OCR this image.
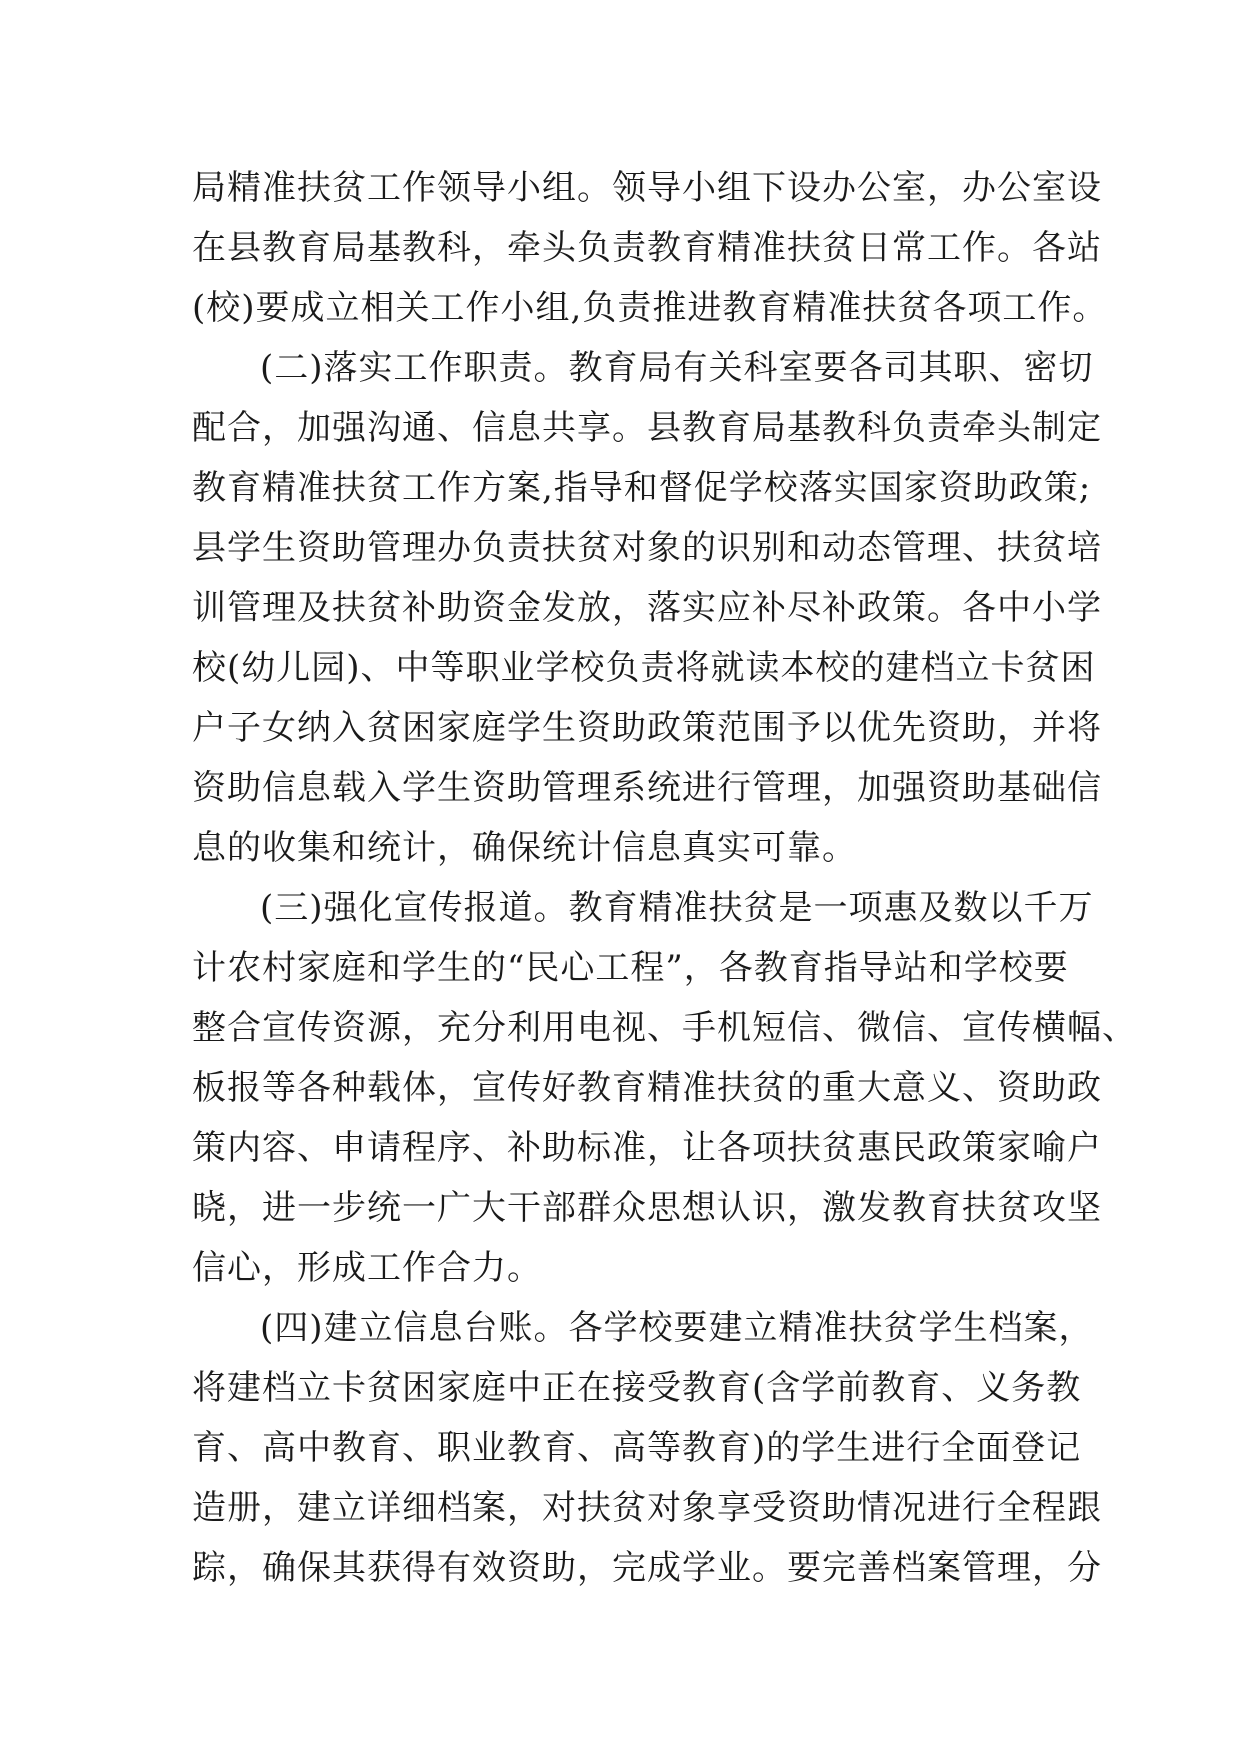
局精准扶贫工作领导小组。领导小组下设办公室，办公室设
在县教育局基教科，牵头负责教育精准扶贫日常工作。各站
(校)要成立相关工作小组,负责推进教育精准扶贫各项工作。
(二)落实工作职责。教育局有关科室要各司其职、密切
配合，加强沟通、信息共享。县教育局基教科负责牵头制定
教育精准扶贫工作方案,指导和督促学校落实国家资助政策;
县学生资助管理办负责扶贫对象的识别和动态管理、扶贫培
训管理及扶贫补助资金发放，落实应补尽补政策。各中小学
校(幼儿园)、中等职业学校负责将就读本校的建档立卡贫困
户子女纳入贫困家庭学生资助政策范围予以优先资助，并将
资助信息载入学生资助管理系统进行管理，加强资助基础信
息的收集和统计，确保统计信息真实可靠。
(三)强化宣传报道。教育精准扶贫是一项惠及数以千万
计农村家庭和学生的“民心工程”，各教育指导站和学校要
整合宣传资源，充分利用电视、手机短信、微信、宣传横幅、
板报等各种载体，宣传好教育精准扶贫的重大意义、资助政
策内容、申请程序、补助标准，让各项扶贫惠民政策家喻户
晓，进一步统一广大干部群众思想认识，激发教育扶贫攻坚
信心，形成工作合力。
(四)建立信息台账。各学校要建立精准扶贫学生档案，
将建档立卡贫困家庭中正在接受教育(含学前教育、义务教
育、高中教育、职业教育、高等教育)的学生进行全面登记
造册，建立详细档案，对扶贫对象享受资助情况进行全程跟
踪，确保其获得有效资助，完成学业。要完善档案管理，分
